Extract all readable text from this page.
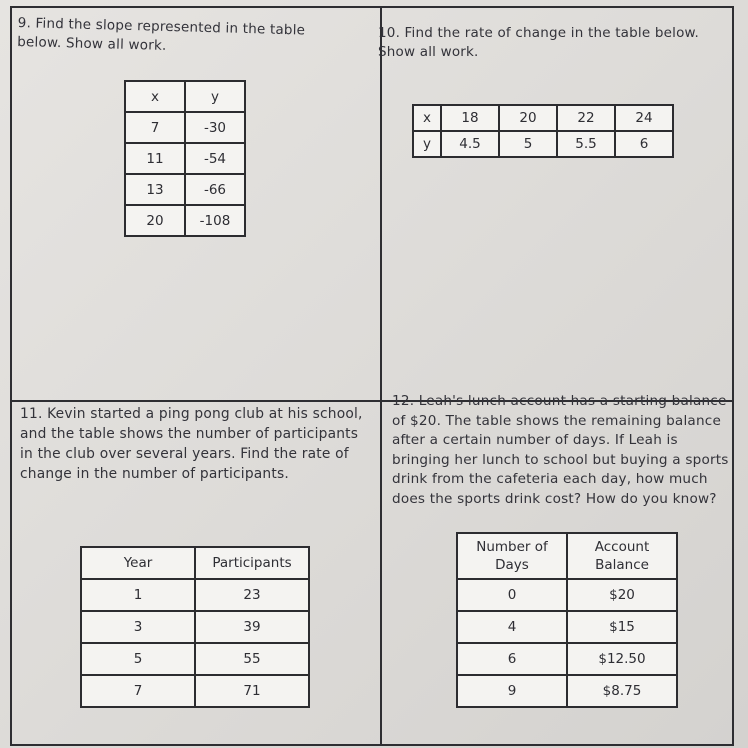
9. Find the slope represented in the table below. Show all work.
x	y
7	-30
11	-54
13	-66
20	-108
10. Find the rate of change in the table below. Show all work.
x	18	20	22	24
y	4.5	5	5.5	6
11. Kevin started a ping pong club at his school, and the table shows the number of participants in the club over several years. Find the rate of change in the number of participants.
Year	Participants
1	23
3	39
5	55
7	71
12. Leah's lunch account has a starting balance of $20. The table shows the remaining balance after a certain number of days. If Leah is bringing her lunch to school but buying a sports drink from the cafeteria each day, how much does the sports drink cost? How do you know?
Number of Days	Account Balance
0	$20
4	$15
6	$12.50
9	$8.75
